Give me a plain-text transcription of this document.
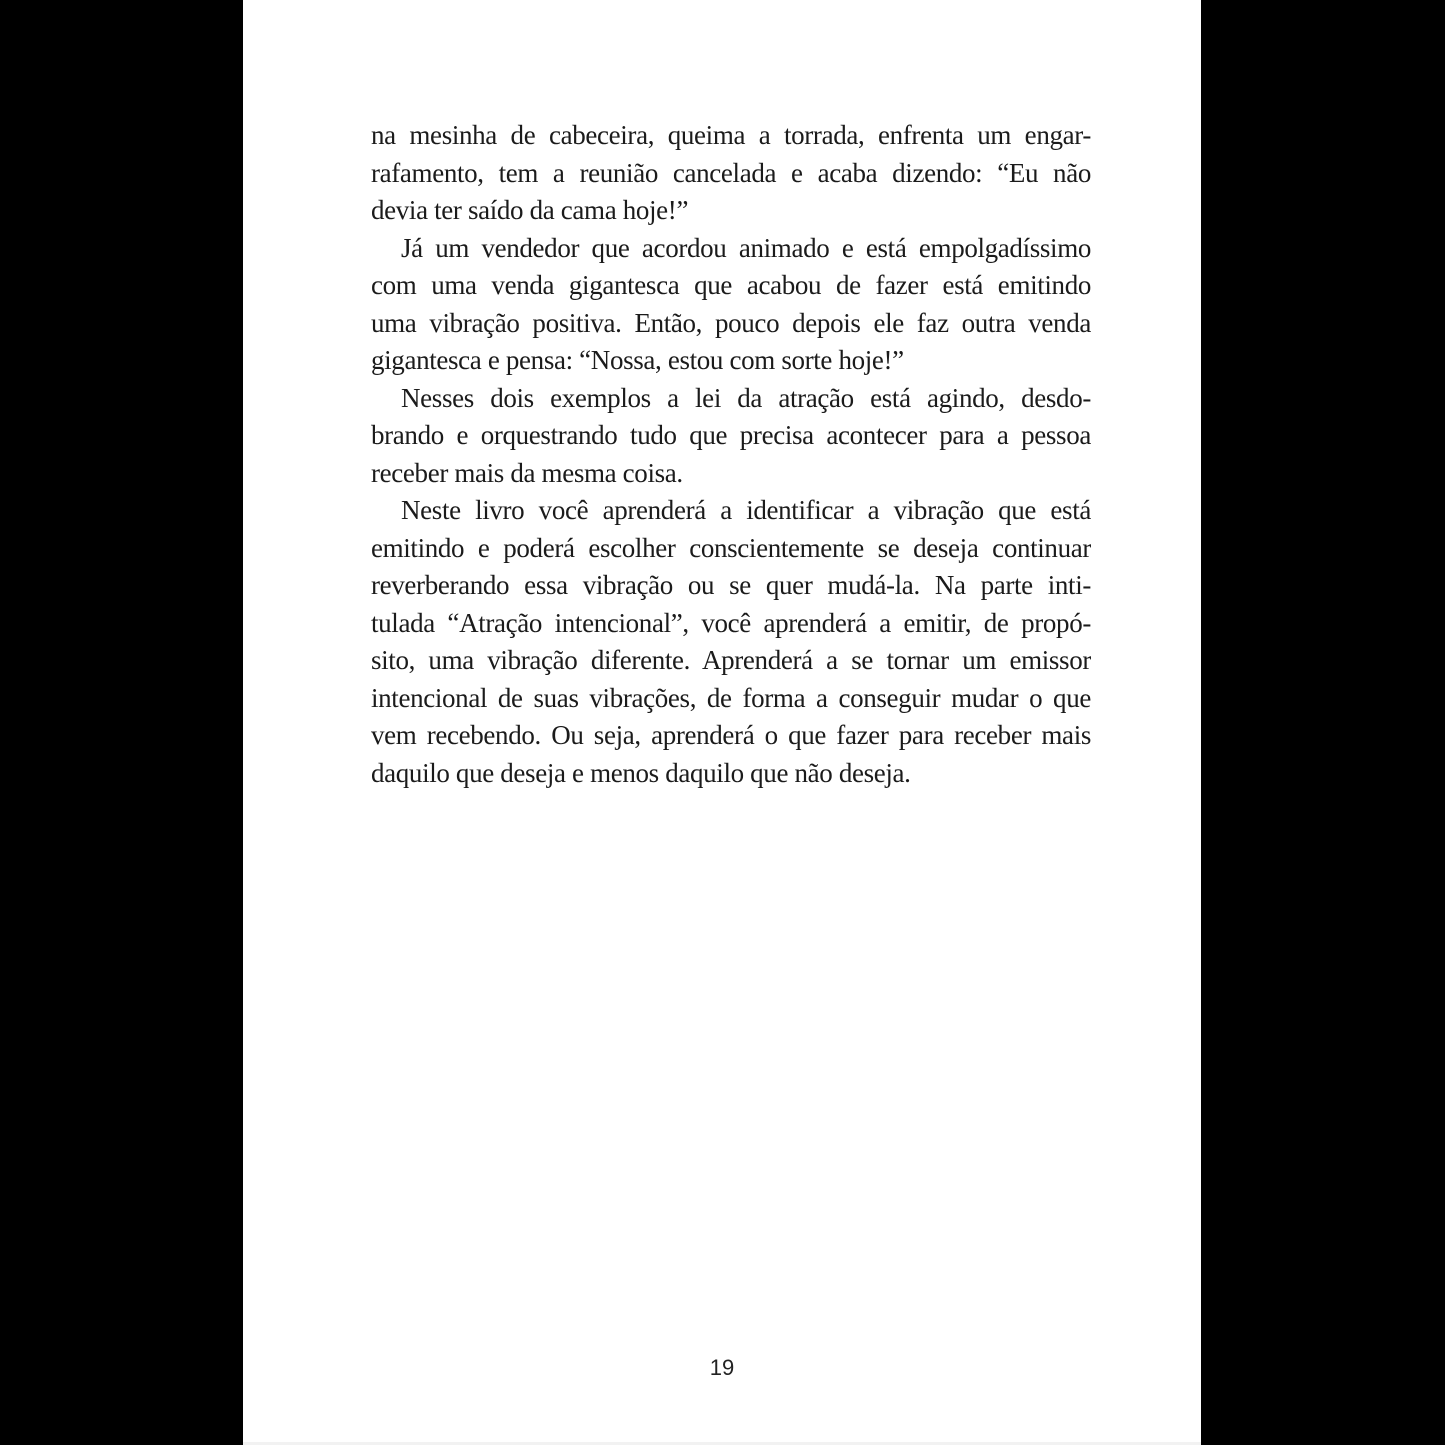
na mesinha de cabeceira, queima a torrada, enfrenta um engar-
rafamento, tem a reunião cancelada e acaba dizendo: “Eu não
devia ter saído da cama hoje!”

Já um vendedor que acordou animado e está empolgadíssimo
com uma venda gigantesca que acabou de fazer está emitindo
uma vibração positiva. Então, pouco depois ele faz outra venda
gigantesca e pensa: “Nossa, estou com sorte hoje!”

Nesses dois exemplos a lei da atração está agindo, desdo-
brando e orquestrando tudo que precisa acontecer para a pessoa
receber mais da mesma coisa.

Neste livro você aprenderá a identificar a vibração que está
emitindo e poderá escolher conscientemente se deseja continuar
reverberando essa vibração ou se quer mudá-la. Na parte inti-
tulada “Atração intencional”, você aprenderá a emitir, de propó-
sito, uma vibração diferente. Aprenderá a se tornar um emissor
intencional de suas vibrações, de forma a conseguir mudar o que
vem recebendo. Ou seja, aprenderá o que fazer para receber mais
daquilo que deseja e menos daquilo que não deseja.

19
